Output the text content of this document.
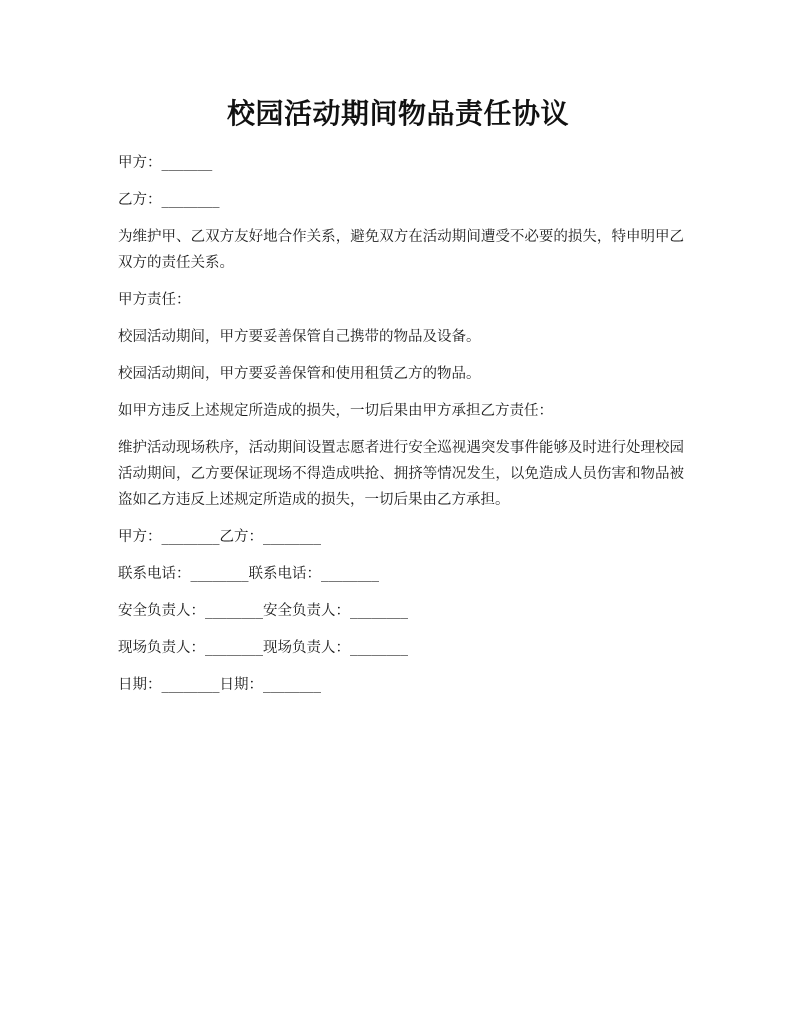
校园活动期间物品责任协议

甲方：_______

乙方：________

为维护甲、乙双方友好地合作关系，避免双方在活动期间遭受不必要的损失，特申明甲乙双方的责任关系。

甲方责任：

校园活动期间，甲方要妥善保管自己携带的物品及设备。

校园活动期间，甲方要妥善保管和使用租赁乙方的物品。

如甲方违反上述规定所造成的损失，一切后果由甲方承担乙方责任：

维护活动现场秩序，活动期间设置志愿者进行安全巡视遇突发事件能够及时进行处理校园活动期间，乙方要保证现场不得造成哄抢、拥挤等情况发生，以免造成人员伤害和物品被盗如乙方违反上述规定所造成的损失，一切后果由乙方承担。

甲方：________乙方：________

联系电话：________联系电话：________

安全负责人：________安全负责人：________

现场负责人：________现场负责人：________

日期：________日期：________
